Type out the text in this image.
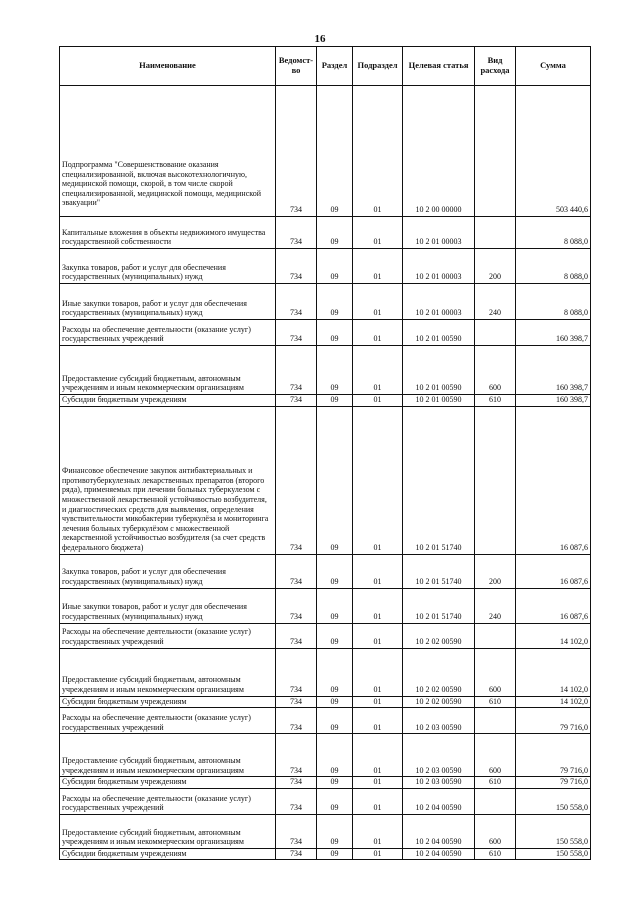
16
Наименование	Ведомст-во	Раздел	Подраздел	Целевая статья	Вид расхода	Сумма
Подпрограмма "Совершенствование оказания специализированной, включая высокотехнологичную, медицинской помощи, скорой, в том числе скорой специализированной, медицинской помощи, медицинской эвакуации"	734	09	01	10 2 00 00000		503 440,6
Капитальные вложения в объекты недвижимого имущества государственной собственности	734	09	01	10 2 01 00003		8 088,0
Закупка товаров, работ и услуг для обеспечения государственных (муниципальных) нужд	734	09	01	10 2 01 00003	200	8 088,0
Иные закупки товаров, работ и услуг для обеспечения государственных (муниципальных) нужд	734	09	01	10 2 01 00003	240	8 088,0
Расходы на обеспечение деятельности (оказание услуг) государственных учреждений	734	09	01	10 2 01 00590		160 398,7
Предоставление субсидий бюджетным, автономным учреждениям и иным некоммерческим организациям	734	09	01	10 2 01 00590	600	160 398,7
Субсидии бюджетным учреждениям	734	09	01	10 2 01 00590	610	160 398,7
Финансовое обеспечение закупок антибактериальных и противотуберкулезных лекарственных препаратов (второго ряда), применяемых при лечении больных туберкулезом с множественной лекарственной устойчивостью возбудителя, и диагностических средств для выявления, определения чувствительности микобактерии туберкулёза и мониторинга лечения больных туберкулёзом с множественной лекарственной устойчивостью возбудителя (за счет средств федерального бюджета)	734	09	01	10 2 01 51740		16 087,6
Закупка товаров, работ и услуг для обеспечения государственных (муниципальных) нужд	734	09	01	10 2 01 51740	200	16 087,6
Иные закупки товаров, работ и услуг для обеспечения государственных (муниципальных) нужд	734	09	01	10 2 01 51740	240	16 087,6
Расходы на обеспечение деятельности (оказание услуг) государственных учреждений	734	09	01	10 2 02 00590		14 102,0
Предоставление субсидий бюджетным, автономным учреждениям и иным некоммерческим организациям	734	09	01	10 2 02 00590	600	14 102,0
Субсидии бюджетным учреждениям	734	09	01	10 2 02 00590	610	14 102,0
Расходы на обеспечение деятельности (оказание услуг) государственных учреждений	734	09	01	10 2 03 00590		79 716,0
Предоставление субсидий бюджетным, автономным учреждениям и иным некоммерческим организациям	734	09	01	10 2 03 00590	600	79 716,0
Субсидии бюджетным учреждениям	734	09	01	10 2 03 00590	610	79 716,0
Расходы на обеспечение деятельности (оказание услуг) государственных учреждений	734	09	01	10 2 04 00590		150 558,0
Предоставление субсидий бюджетным, автономным учреждениям и иным некоммерческим организациям	734	09	01	10 2 04 00590	600	150 558,0
Субсидии бюджетным учреждениям	734	09	01	10 2 04 00590	610	150 558,0
